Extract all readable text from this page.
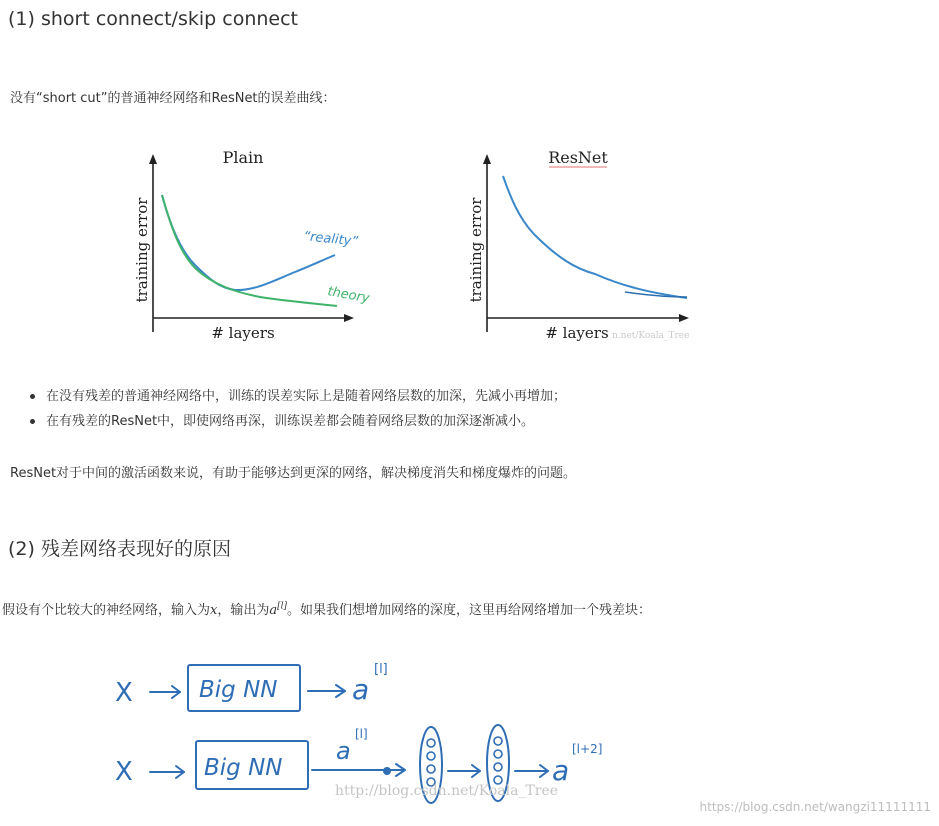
(1) short connect/skip connect
没有“short cut”的普通神经网络和ResNet的误差曲线：
Plain
training error
# layers
“reality”
theory
ResNet
training error
# layers n.net/Koala_Tree
在没有残差的普通神经网络中，训练的误差实际上是随着网络层数的加深，先减小再增加；
在有残差的ResNet中，即使网络再深，训练误差都会随着网络层数的加深逐渐减小。
ResNet对于中间的激活函数来说，有助于能够达到更深的网络，解决梯度消失和梯度爆炸的问题。
(2) 残差网络表现好的原因
假设有个比较大的神经网络，输入为x，输出为a[l]。如果我们想增加网络的深度，这里再给网络增加一个残差块：
X	Big NN	a
[l]
X	Big NN
a
[l]
a
[l+2]
http://blog.csdn.net/Koala_Tree
https://blog.csdn.net/wangzi11111111
